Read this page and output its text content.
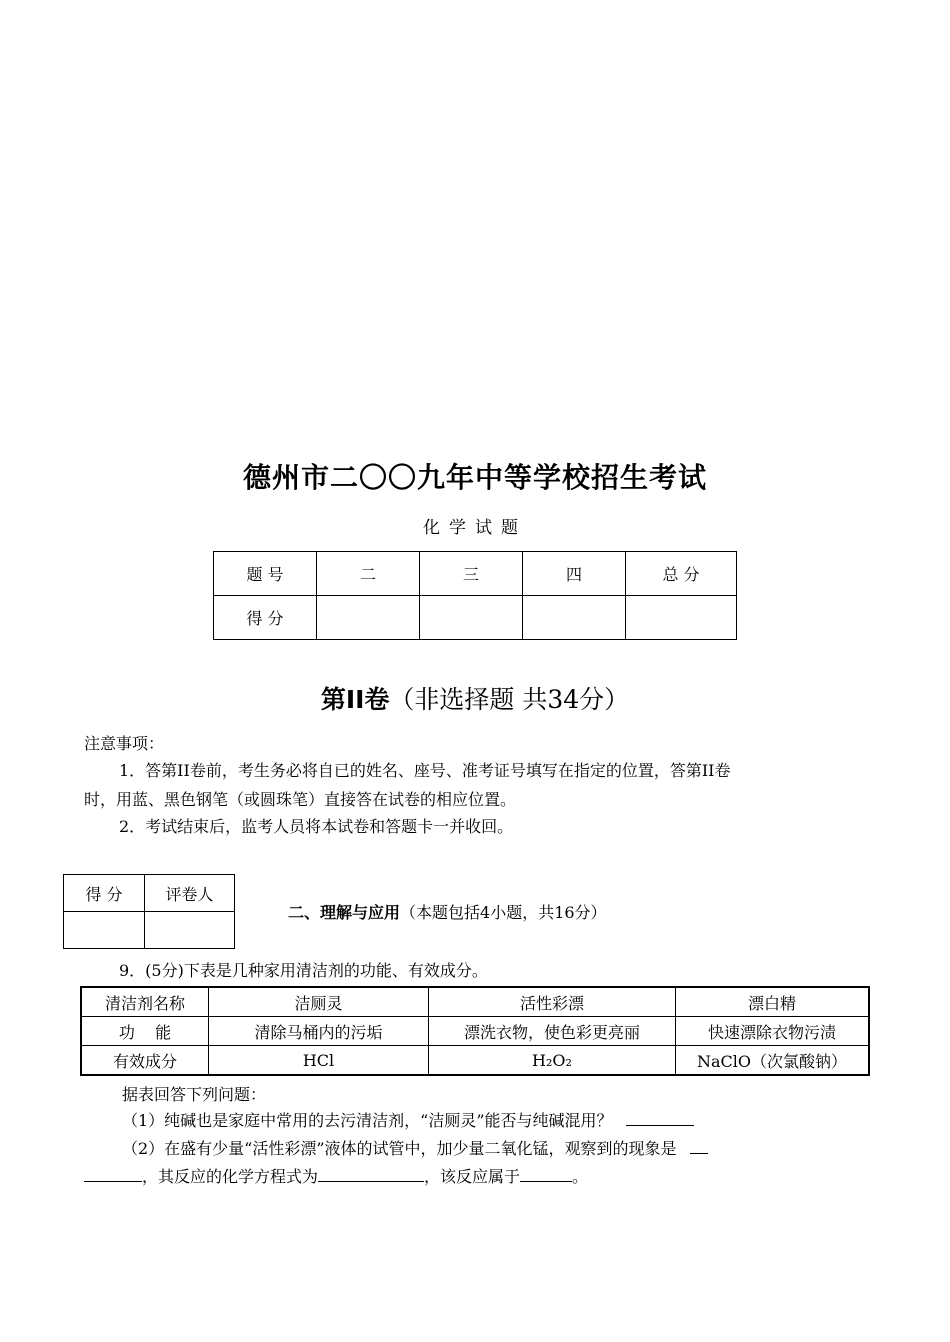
德州市二〇〇九年中等学校招生考试
化学试题
题 号	二	三	四	总 分
得 分				
第II卷（非选择题 共34分）
注意事项：
1．答第II卷前，考生务必将自已的姓名、座号、准考证号填写在指定的位置，答第II卷
时，用蓝、黑色钢笔（或圆珠笔）直接答在试卷的相应位置。
2．考试结束后，监考人员将本试卷和答题卡一并收回。
得 分	评卷人

二、理解与应用（本题包括4小题，共16分）
9．(5分)下表是几种家用清洁剂的功能、有效成分。
清洁剂名称	洁厕灵	活性彩漂	漂白精
功    能	清除马桶内的污垢	漂洗衣物，使色彩更亮丽	快速漂除衣物污渍
有效成分	HCl	H₂O₂	NaClO（次氯酸钠）
据表回答下列问题：
（1）纯碱也是家庭中常用的去污清洁剂，“洁厕灵”能否与纯碱混用？
（2）在盛有少量“活性彩漂”液体的试管中，加少量二氧化锰，观察到的现象是
，其反应的化学方程式为	，该反应属于	。
